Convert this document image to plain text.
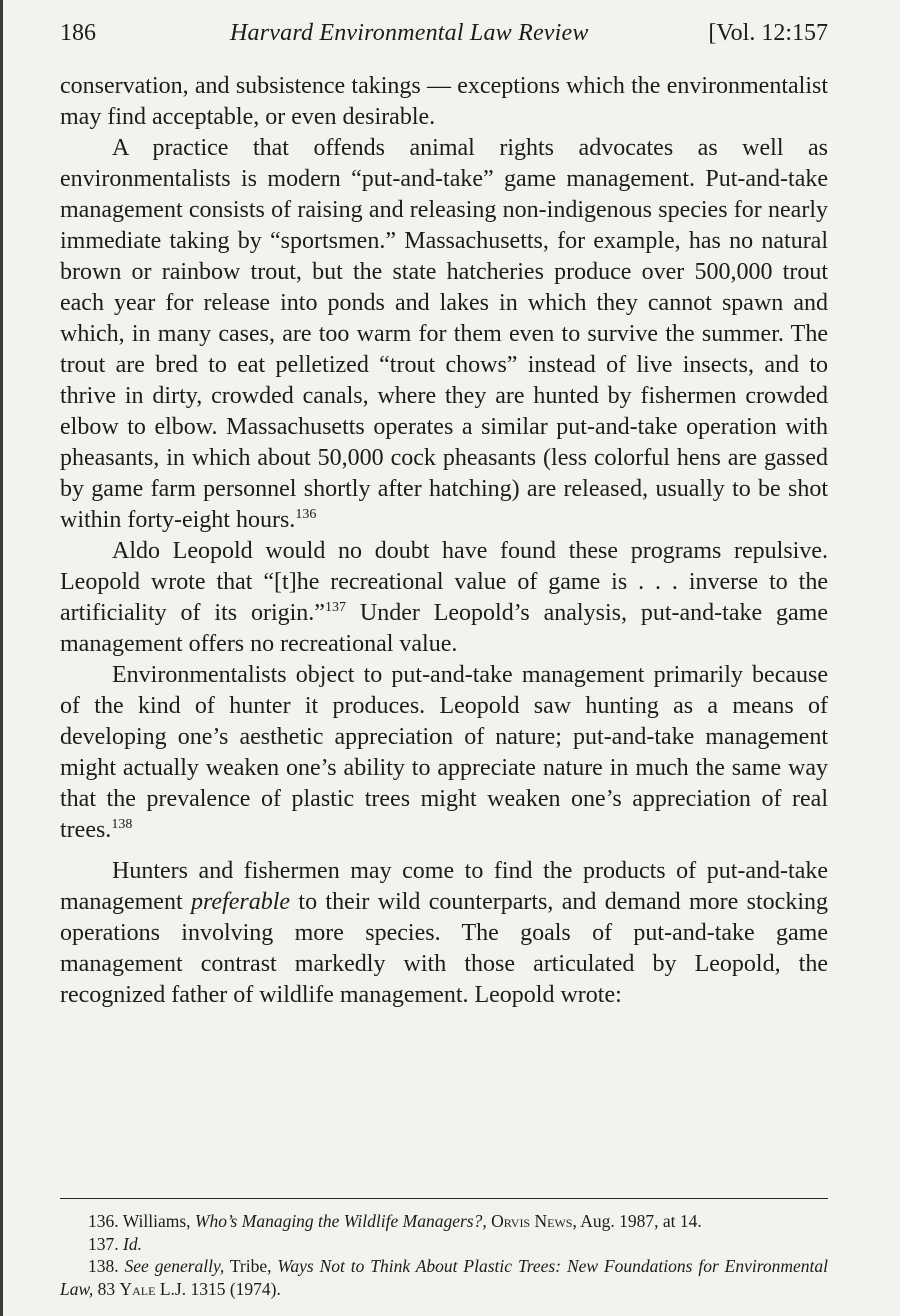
186	Harvard Environmental Law Review	[Vol. 12:157

conservation, and subsistence takings — exceptions which the environmentalist may find acceptable, or even desirable.

A practice that offends animal rights advocates as well as environmentalists is modern “put-and-take” game management. Put-and-take management consists of raising and releasing non-indigenous species for nearly immediate taking by “sportsmen.” Massachusetts, for example, has no natural brown or rainbow trout, but the state hatcheries produce over 500,000 trout each year for release into ponds and lakes in which they cannot spawn and which, in many cases, are too warm for them even to survive the summer. The trout are bred to eat pelletized “trout chows” instead of live insects, and to thrive in dirty, crowded canals, where they are hunted by fishermen crowded elbow to elbow. Massachusetts operates a similar put-and-take operation with pheasants, in which about 50,000 cock pheasants (less colorful hens are gassed by game farm personnel shortly after hatching) are released, usually to be shot within forty-eight hours.$^{136}$

Aldo Leopold would no doubt have found these programs repulsive. Leopold wrote that “[t]he recreational value of game is . . . inverse to the artificiality of its origin.”$^{137}$ Under Leopold’s analysis, put-and-take game management offers no recreational value.

Environmentalists object to put-and-take management primarily because of the kind of hunter it produces. Leopold saw hunting as a means of developing one’s aesthetic appreciation of nature; put-and-take management might actually weaken one’s ability to appreciate nature in much the same way that the prevalence of plastic trees might weaken one’s appreciation of real trees.$^{138}$

Hunters and fishermen may come to find the products of put-and-take management preferable to their wild counterparts, and demand more stocking operations involving more species. The goals of put-and-take game management contrast markedly with those articulated by Leopold, the recognized father of wildlife management. Leopold wrote:

136. Williams, Who’s Managing the Wildlife Managers?, Orvis News, Aug. 1987, at 14.

137. Id.

138. See generally, Tribe, Ways Not to Think About Plastic Trees: New Foundations for Environmental Law, 83 Yale L.J. 1315 (1974).
